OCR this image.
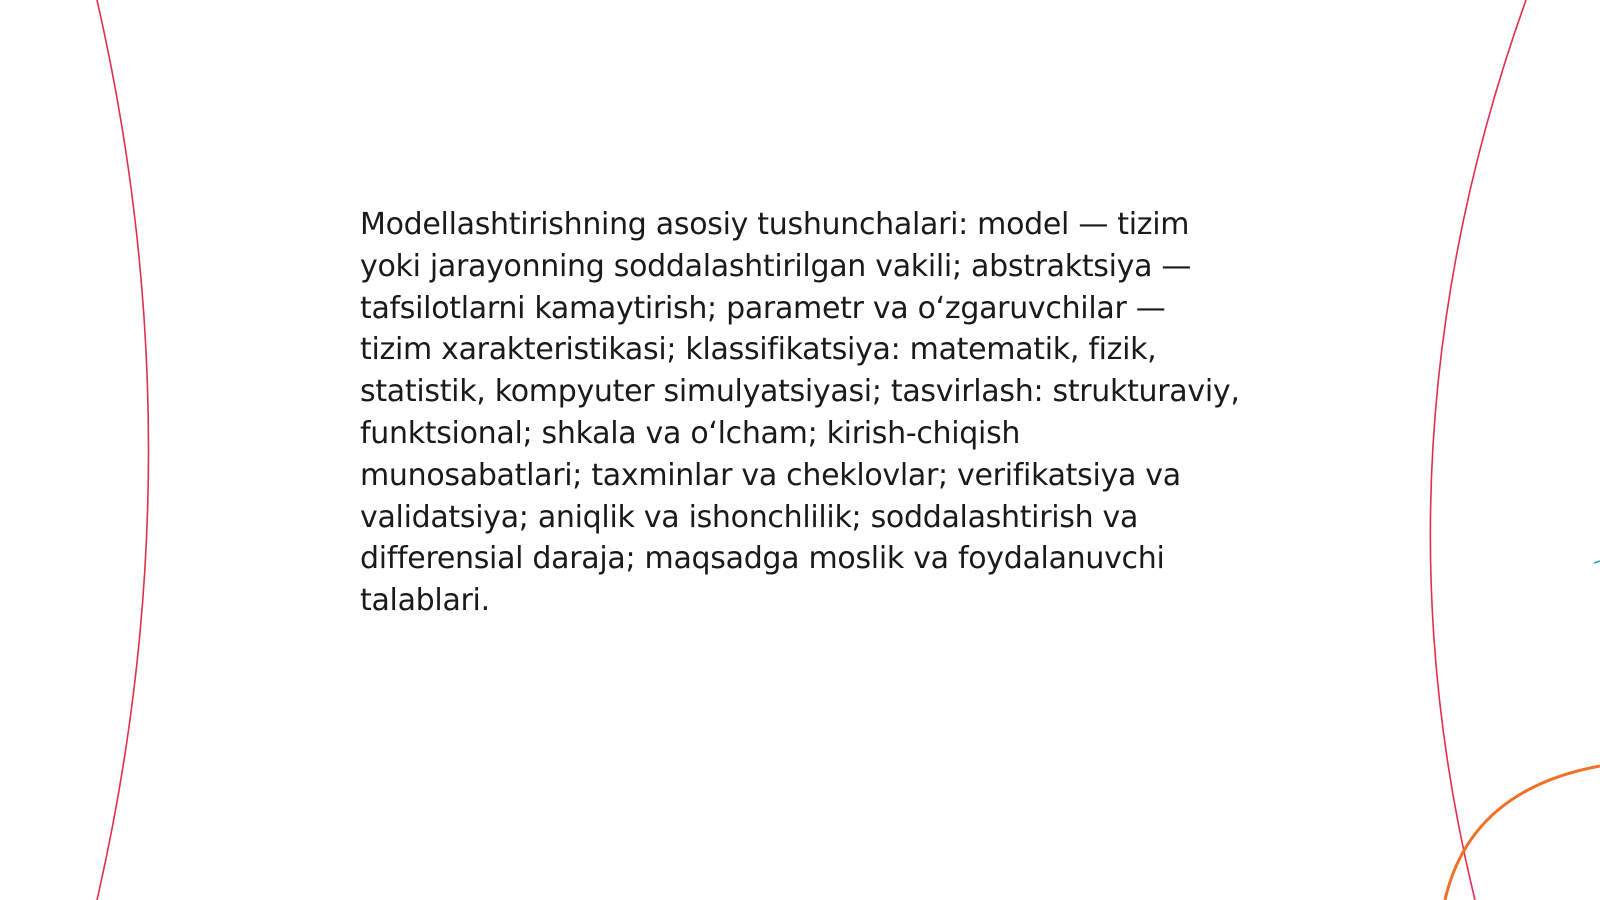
Modellashtirishning asosiy tushunchalari: model — tizim yoki jarayonning soddalashtirilgan vakili; abstraktsiya — tafsilotlarni kamaytirish; parametr va oʻzgaruvchilar — tizim xarakteristikasi; klassifikatsiya: matematik, fizik, statistik, kompyuter simulyatsiyasi; tasvirlash: strukturaviy, funktsional; shkala va oʻlcham; kirish-chiqish munosabatlari; taxminlar va cheklovlar; verifikatsiya va validatsiya; aniqlik va ishonchlilik; soddalashtirish va differensial daraja; maqsadga moslik va foydalanuvchi talablari.
